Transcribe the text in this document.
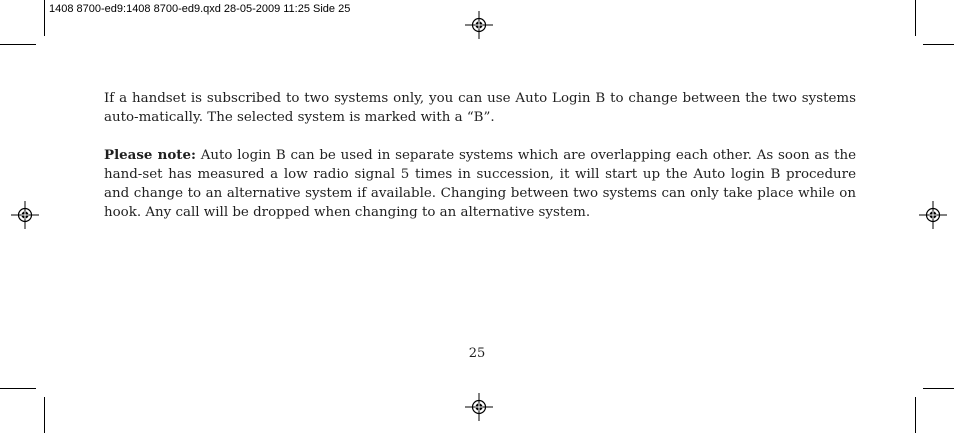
1408 8700-ed9:1408 8700-ed9.qxd 28-05-2009 11:25 Side 25

If a handset is subscribed to two systems only, you can use Auto Login B to change between the two systems auto-matically. The selected system is marked with a “B”.

Please note: Auto login B can be used in separate systems which are overlapping each other. As soon as the hand-set has measured a low radio signal 5 times in succession, it will start up the Auto login B procedure and change to an alternative system if available. Changing between two systems can only take place while on hook. Any call will be dropped when changing to an alternative system.

25
